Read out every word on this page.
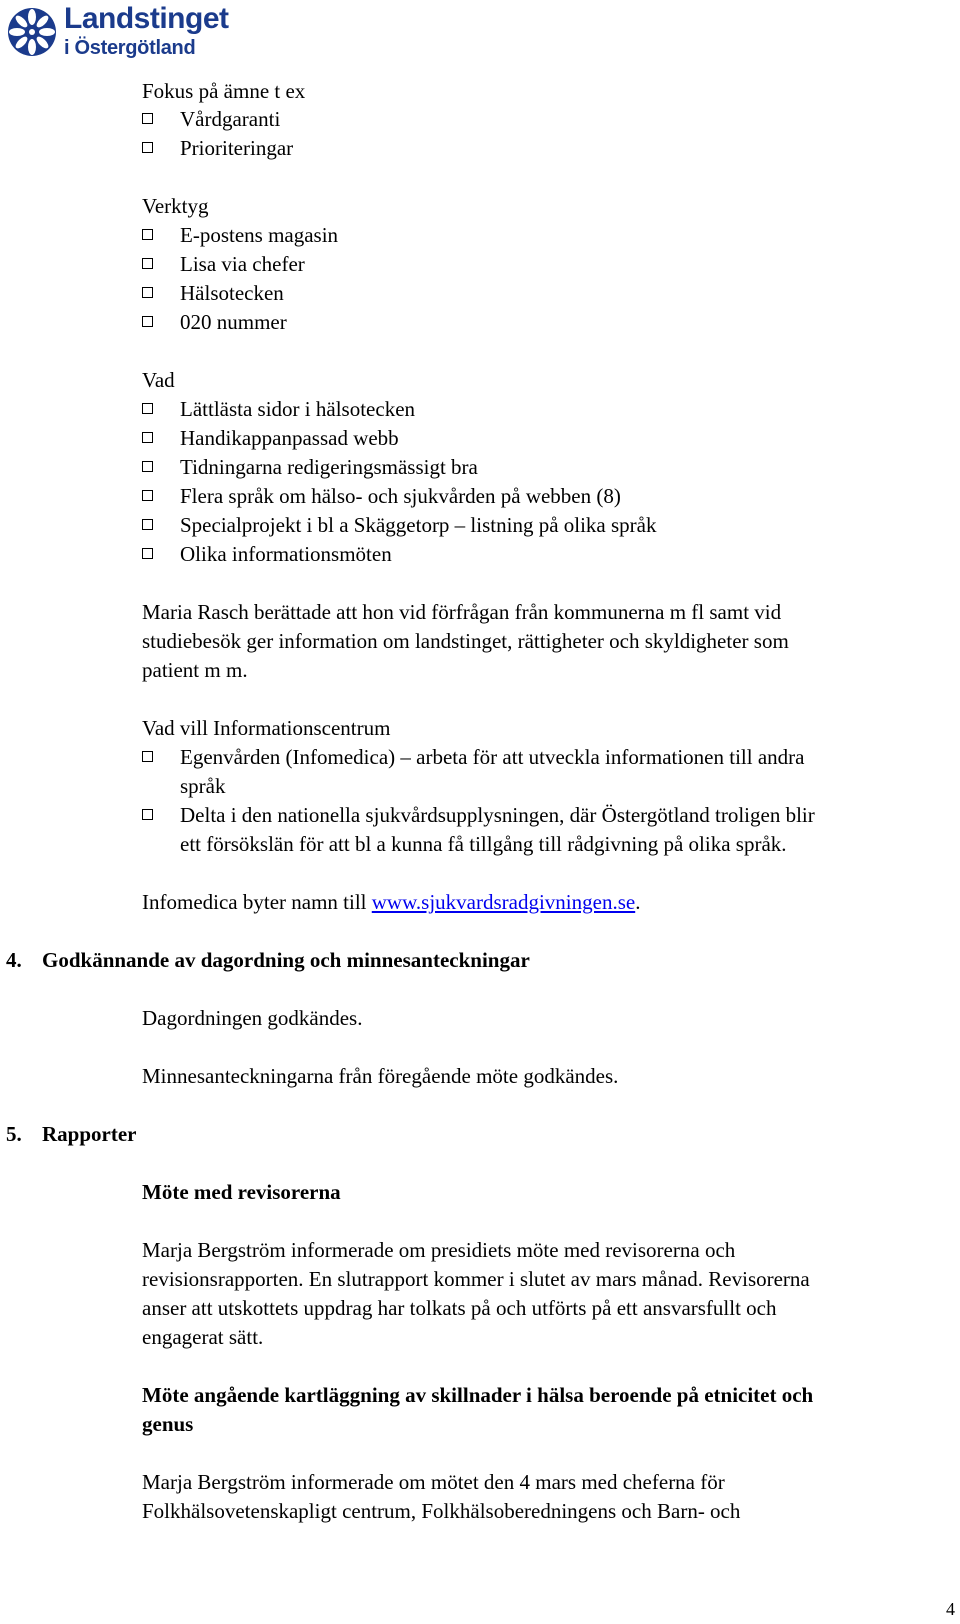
Landstinget
i Östergötland
Fokus på ämne t ex
Vårdgaranti
Prioriteringar
Verktyg
E-postens magasin
Lisa via chefer
Hälsotecken
020 nummer
Vad
Lättlästa sidor i hälsotecken
Handikappanpassad webb
Tidningarna redigeringsmässigt bra
Flera språk om hälso- och sjukvården på webben (8)
Specialprojekt i bl a Skäggetorp – listning på olika språk
Olika informationsmöten
Maria Rasch berättade att hon vid förfrågan från kommunerna m fl samt vid
studiebesök ger information om landstinget, rättigheter och skyldigheter som
patient m m.
Vad vill Informationscentrum
Egenvården (Infomedica) – arbeta för att utveckla informationen till andra
språk
Delta i den nationella sjukvårdsupplysningen, där Östergötland troligen blir
ett försökslän för att bl a kunna få tillgång till rådgivning på olika språk.
Infomedica byter namn till www.sjukvardsradgivningen.se.
4. Godkännande av dagordning och minnesanteckningar
Dagordningen godkändes.
Minnesanteckningarna från föregående möte godkändes.
5. Rapporter
Möte med revisorerna
Marja Bergström informerade om presidiets möte med revisorerna och
revisionsrapporten. En slutrapport kommer i slutet av mars månad. Revisorerna
anser att utskottets uppdrag har tolkats på och utförts på ett ansvarsfullt och
engagerat sätt.
Möte angående kartläggning av skillnader i hälsa beroende på etnicitet och
genus
Marja Bergström informerade om mötet den 4 mars med cheferna för
Folkhälsovetenskapligt centrum, Folkhälsoberedningens och Barn- och
4
